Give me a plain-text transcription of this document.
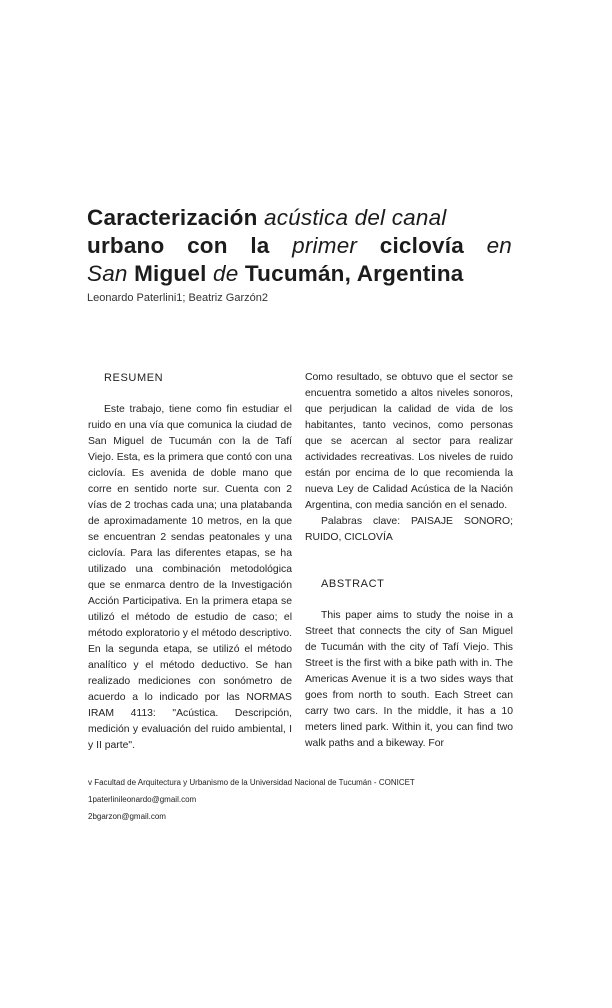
Caracterización acústica del canal
urbano con la primer ciclovía en
San Miguel de Tucumán, Argentina
Leonardo Paterlini1; Beatriz Garzón2

RESUMEN

Este trabajo, tiene como fin estudiar el ruido en una vía que comunica la ciudad de San Miguel de Tucumán con la de Tafí Viejo. Esta, es la primera que contó con una ciclovía. Es avenida de doble mano que corre en sentido norte sur. Cuenta con 2 vías de 2 trochas cada una; una platabanda de aproximadamente 10 metros, en la que se encuentran 2 sendas peatonales y una ciclovía. Para las diferentes etapas, se ha utilizado una combinación metodológica que se enmarca dentro de la Investigación Acción Participativa. En la primera etapa se utilizó el método de estudio de caso; el método exploratorio y el método descriptivo. En la segunda etapa, se utilizó el método analítico y el método deductivo. Se han realizado mediciones con sonómetro de acuerdo a lo indicado por las NORMAS IRAM 4113: "Acústica. Descripción, medición y evaluación del ruido ambiental, I y II parte".

Como resultado, se obtuvo que el sector se encuentra sometido a altos niveles sonoros, que perjudican la calidad de vida de los habitantes, tanto vecinos, como personas que se acercan al sector para realizar actividades recreativas. Los niveles de ruido están por encima de lo que recomienda la nueva Ley de Calidad Acústica de la Nación Argentina, con media sanción en el senado.

Palabras clave: PAISAJE SONORO; RUIDO, CICLOVÍA

ABSTRACT

This paper aims to study the noise in a Street that connects the city of San Miguel de Tucumán with the city of Tafí Viejo. This Street is the first with a bike path with in. The Americas Avenue it is a two sides ways that goes from north to south. Each Street can carry two cars. In the middle, it has a 10 meters lined park. Within it, you can find two walk paths and a bikeway. For

v Facultad de Arquitectura y Urbanismo de la Universidad Nacional de Tucumán - CONICET
1paterlinileonardo@gmail.com
2bgarzon@gmail.com
